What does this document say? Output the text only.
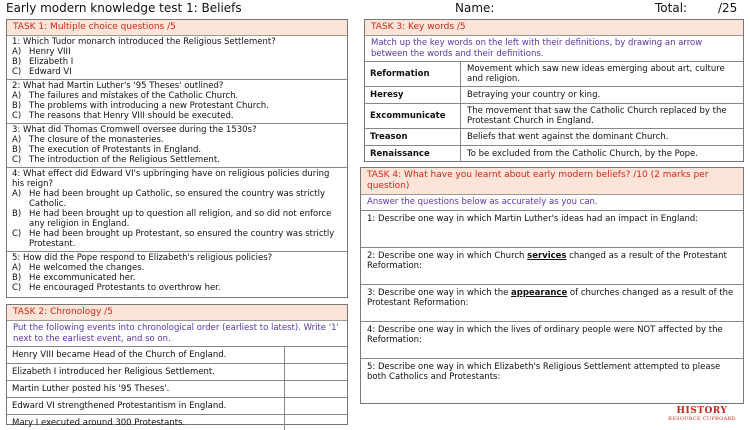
Early modern knowledge test 1: Beliefs	Name:	Total:	/25
TASK 1: Multiple choice questions /5
1: Which Tudor monarch introduced the Religious Settlement?
A) Henry VIII
B) Elizabeth I
C) Edward VI
2: What had Martin Luther's '95 Theses' outlined?
A) The failures and mistakes of the Catholic Church.
B) The problems with introducing a new Protestant Church.
C) The reasons that Henry VIII should be executed.
3: What did Thomas Cromwell oversee during the 1530s?
A) The closure of the monasteries.
B) The execution of Protestants in England.
C) The introduction of the Religious Settlement.
4: What effect did Edward VI's upbringing have on religious policies during his reign?
A) He had been brought up Catholic, so ensured the country was strictly Catholic.
B) He had been brought up to question all religion, and so did not enforce any religion in England.
C) He had been brought up Protestant, so ensured the country was strictly Protestant.
5: How did the Pope respond to Elizabeth's religious policies?
A) He welcomed the changes.
B) He excommunicated her.
C) He encouraged Protestants to overthrow her.
TASK 2: Chronology /5
Put the following events into chronological order (earliest to latest). Write '1' next to the earliest event, and so on.
Henry VIII became Head of the Church of England.
Elizabeth I introduced her Religious Settlement.
Martin Luther posted his '95 Theses'.
Edward VI strengthened Protestantism in England.
Mary I executed around 300 Protestants.
TASK 3: Key words /5
Match up the key words on the left with their definitions, by drawing an arrow between the words and their definitions.
Reformation	Movement which saw new ideas emerging about art, culture and religion.
Heresy	Betraying your country or king.
Excommunicate	The movement that saw the Catholic Church replaced by the Protestant Church in England.
Treason	Beliefs that went against the dominant Church.
Renaissance	To be excluded from the Catholic Church, by the Pope.
TASK 4: What have you learnt about early modern beliefs? /10 (2 marks per question)
Answer the questions below as accurately as you can.
1: Describe one way in which Martin Luther's ideas had an impact in England:
2: Describe one way in which Church services changed as a result of the Protestant Reformation:
3: Describe one way in which the appearance of churches changed as a result of the Protestant Reformation:
4: Describe one way in which the lives of ordinary people were NOT affected by the Reformation:
5: Describe one way in which Elizabeth's Religious Settlement attempted to please both Catholics and Protestants:
HISTORY
RESOURCE CUPBOARD
